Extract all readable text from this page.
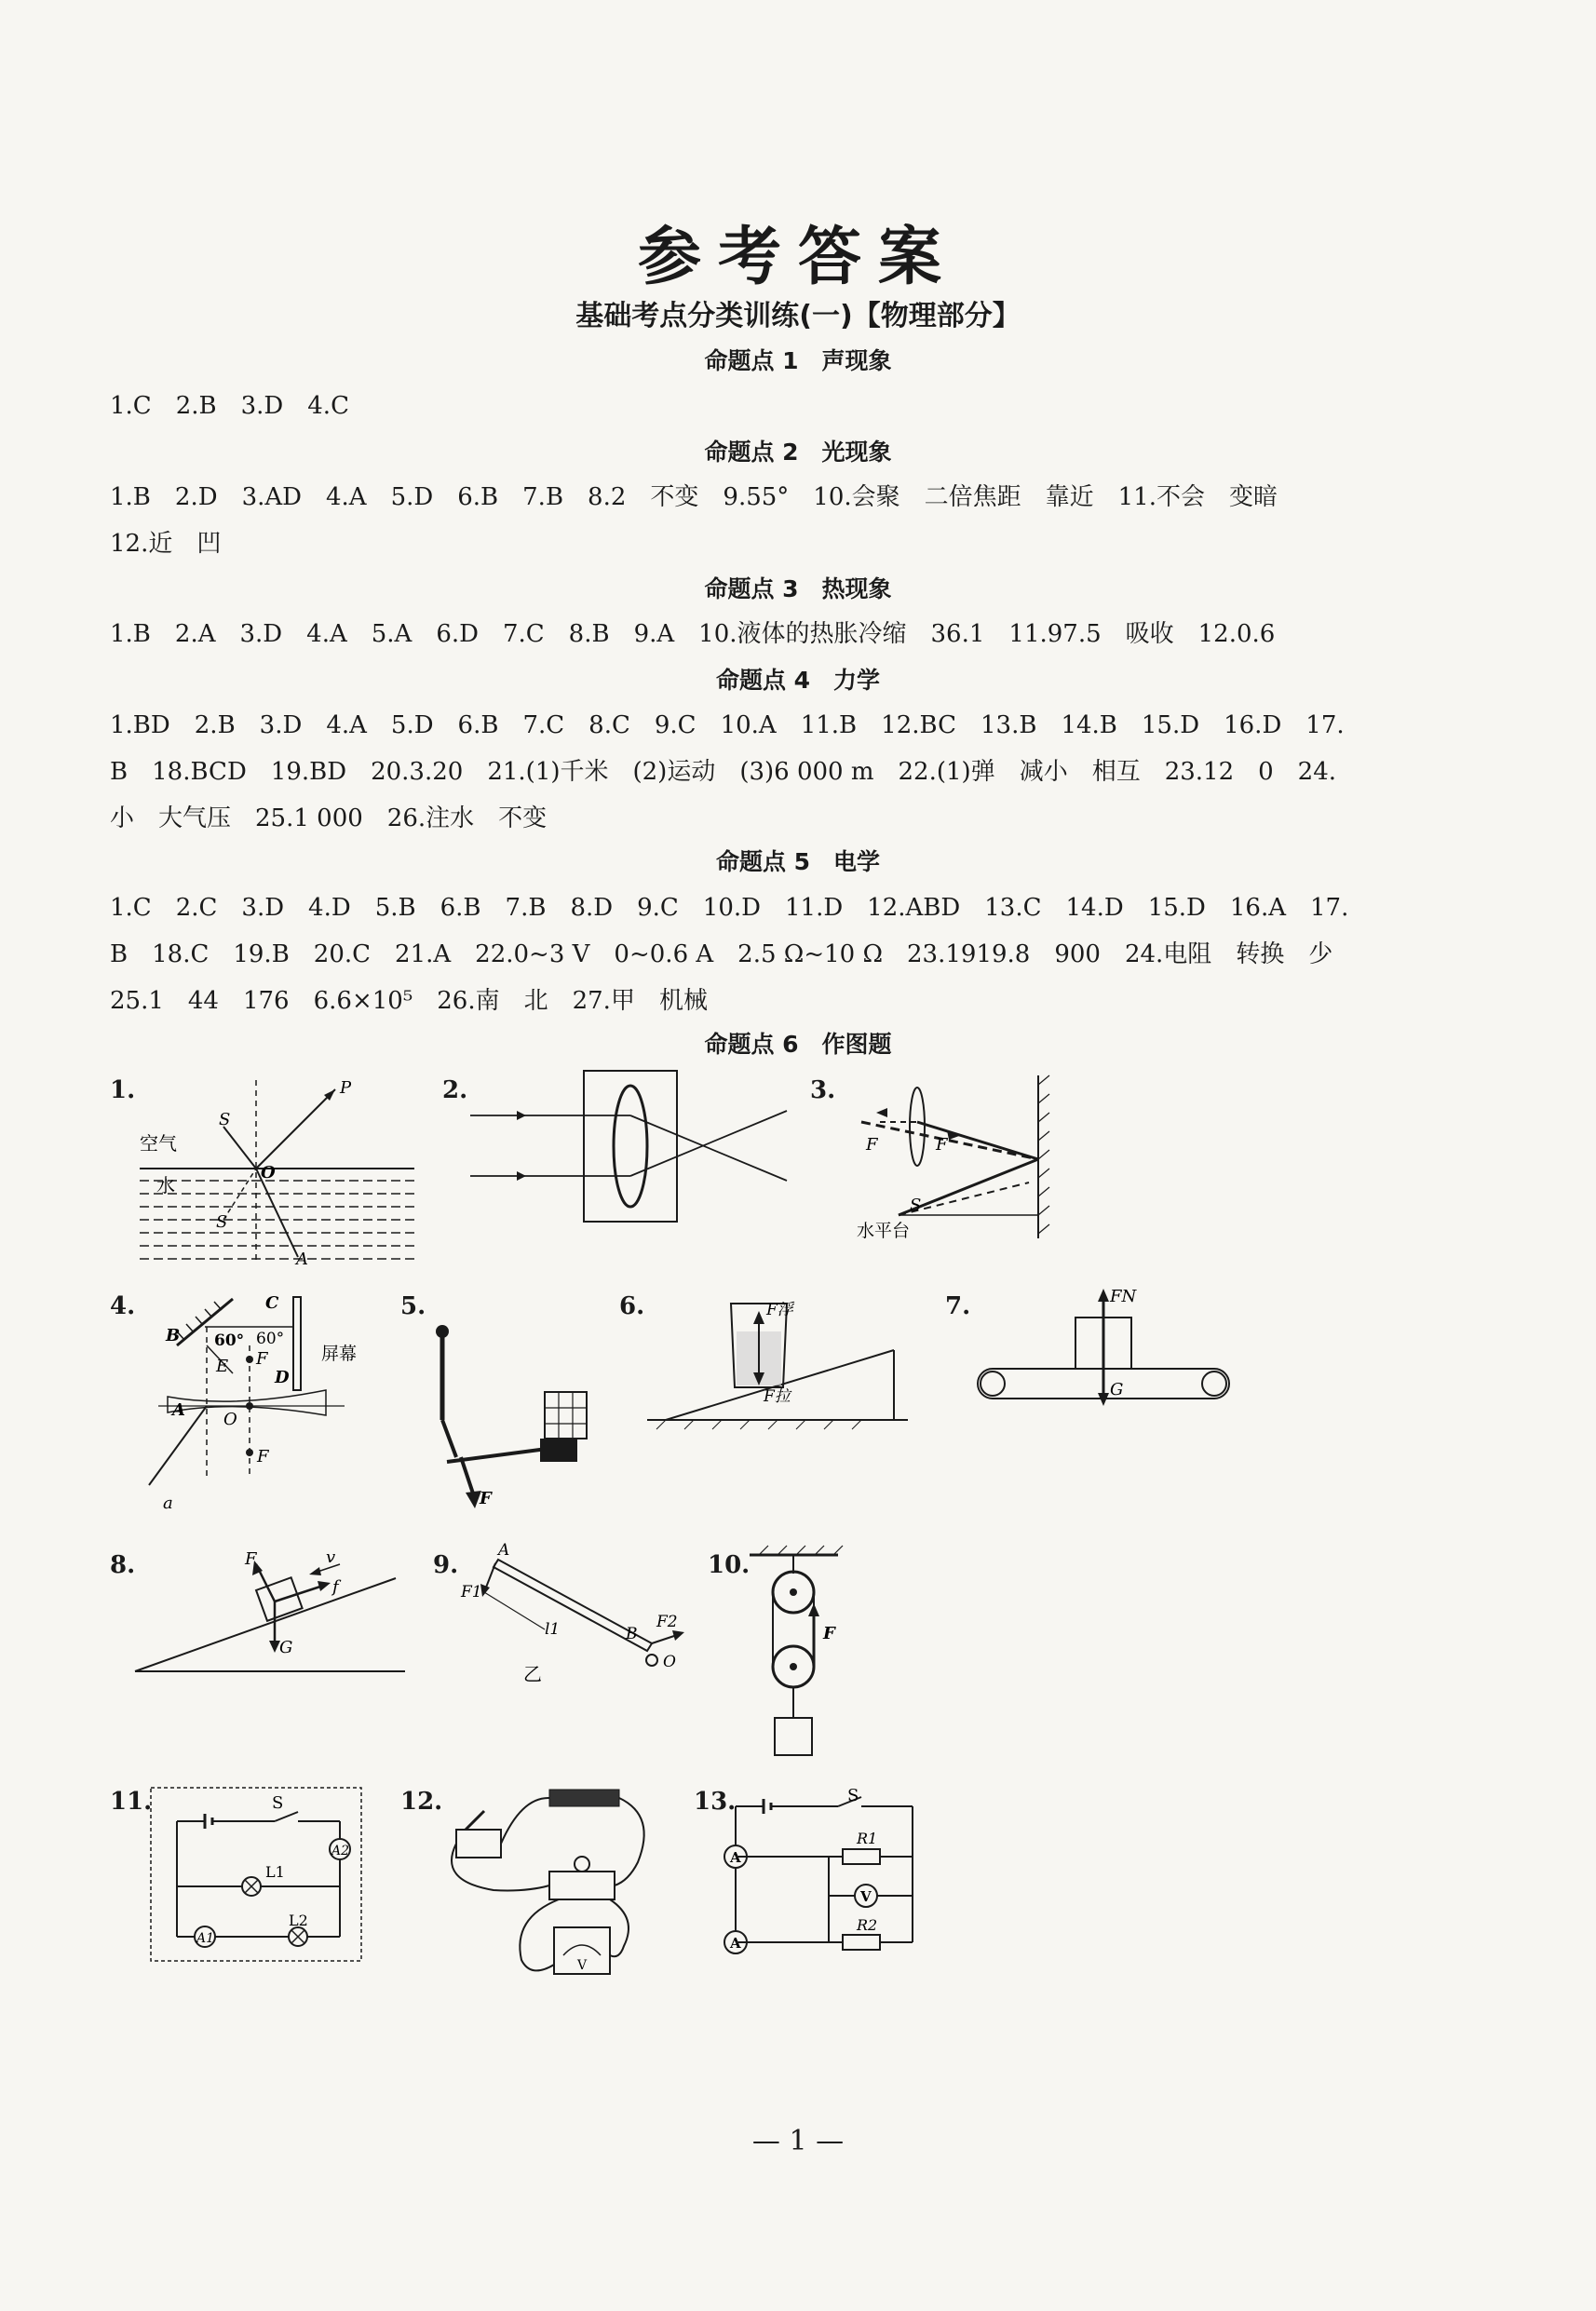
参考答案
基础考点分类训练(一)【物理部分】
命题点 1　声现象
1.C　2.B　3.D　4.C
命题点 2　光现象
1.B　2.D　3.AD　4.A　5.D　6.B　7.B　8.2　不变　9.55°　10.会聚　二倍焦距　靠近　11.不会　变暗
12.近　凹
命题点 3　热现象
1.B　2.A　3.D　4.A　5.A　6.D　7.C　8.B　9.A　10.液体的热胀冷缩　36.1　11.97.5　吸收　12.0.6
命题点 4　力学
1.BD　2.B　3.D　4.A　5.D　6.B　7.C　8.C　9.C　10.A　11.B　12.BC　13.B　14.B　15.D　16.D　17.
B　18.BCD　19.BD　20.3.20　21.(1)千米　(2)运动　(3)6 000 m　22.(1)弹　减小　相互　23.12　0　24.
小　大气压　25.1 000　26.注水　不变
命题点 5　电学
1.C　2.C　3.D　4.D　5.B　6.B　7.B　8.D　9.C　10.D　11.D　12.ABD　13.C　14.D　15.D　16.A　17.
B　18.C　19.B　20.C　21.A　22.0~3 V　0~0.6 A　2.5 Ω~10 Ω　23.1919.8　900　24.电阻　转换　少
25.1　44　176　6.6×10⁵　26.南　北　27.甲　机械
命题点 6　作图题
1.	2.	3.
4.	5.	6.	7.
8.	9.	10.
11.	12.	13.
S
O
P
A
S
空气
水
F	F
S
水平台
C
B
D
E F
A O
a
F
60°
60°
屏幕
F
F浮
F拉
FN
G
F	v
f
G
A
F1
l1	B
F2
O
乙
F
A2
A1
S
L1
L2
V
A
A
V
S
R1
R2
— 1 —
